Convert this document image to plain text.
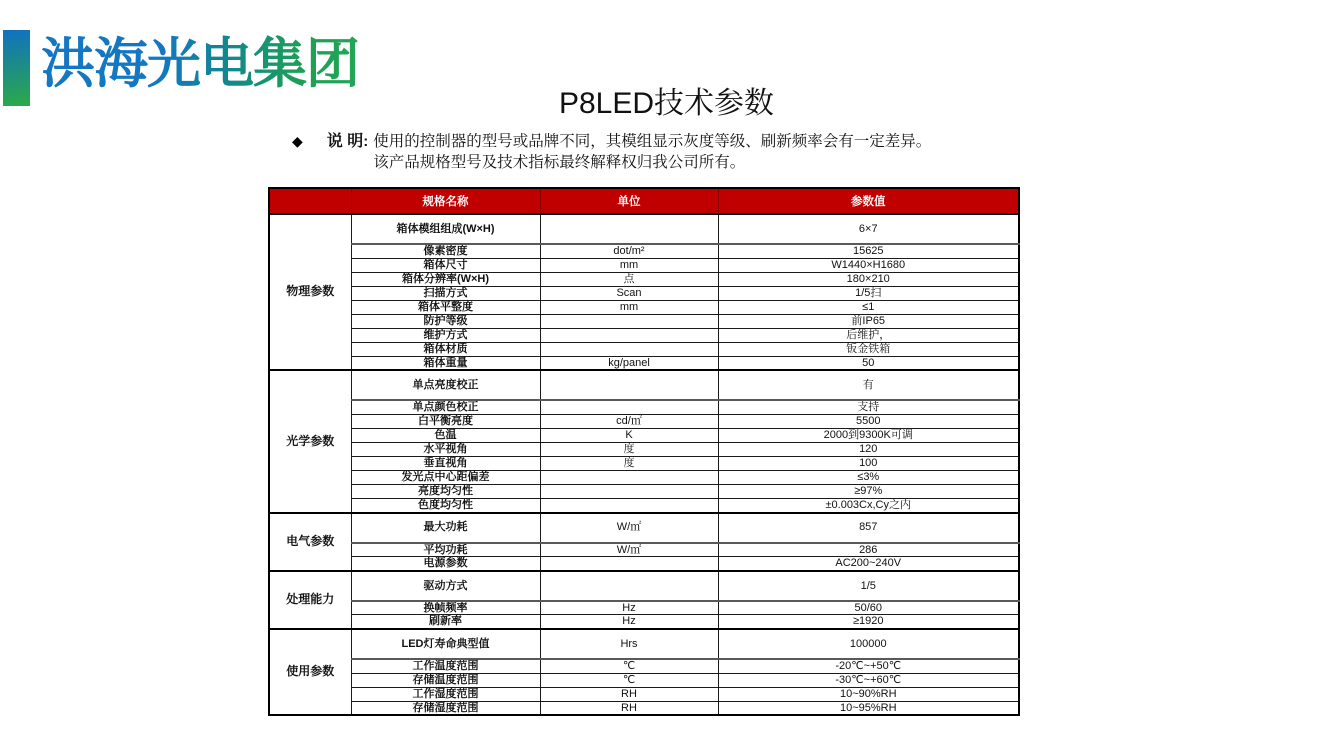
洪海光电集团
P8LED技术参数
◆ 说 明 : 使用的控制器的型号或品牌不同，其模组显示灰度等级、刷新频率会有一定差异。
该产品规格型号及技术指标最终解释权归我公司所有。
	规格名称	单位	参数值
物理参数	箱体模组组成(W×H)		6×7
	像素密度	dot/m²	15625
	箱体尺寸	mm	W1440×H1680
	箱体分辨率(W×H)	点	180×210
	扫描方式	Scan	1/5扫
	箱体平整度	mm	≤1
	防护等级		前IP65
	维护方式		后维护，
	箱体材质		钣金铁箱
	箱体重量	kg/panel	50
光学参数	单点亮度校正		有
	单点颜色校正		支持
	白平衡亮度	cd/㎡	5500
	色温	K	2000到9300K可调
	水平视角	度	120
	垂直视角	度	100
	发光点中心距偏差		≤3%
	亮度均匀性		≥97%
	色度均匀性		±0.003Cx,Cy之内
电气参数	最大功耗	W/㎡	857
	平均功耗	W/㎡	286
	电源参数		AC200~240V
处理能力	驱动方式		1/5
	换帧频率	Hz	50/60
	刷新率	Hz	≥1920
使用参数	LED灯寿命典型值	Hrs	100000
	工作温度范围	℃	-20℃~+50℃
	存储温度范围	℃	-30℃~+60℃
	工作湿度范围	RH	10~90%RH
	存储湿度范围	RH	10~95%RH
